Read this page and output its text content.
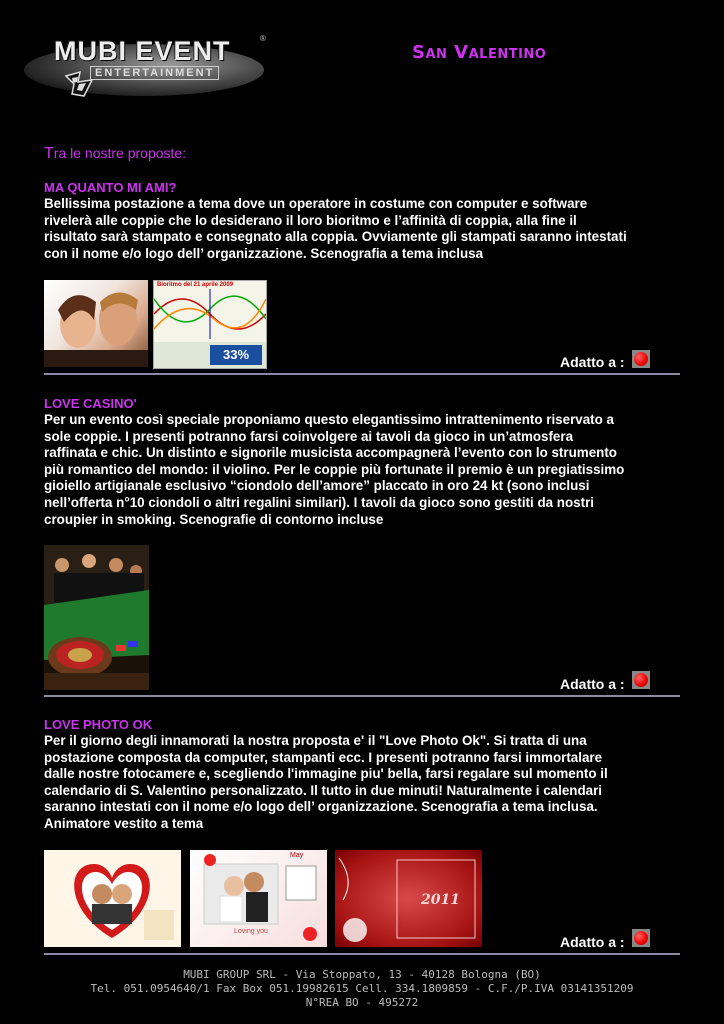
MUBI EVENT	®
ENTERTAINMENT
San Valentino
Tra le nostre proposte:
MA QUANTO MI AMI?
Bellissima postazione a tema dove un operatore in costume con computer e software
rivelerà alle coppie che lo desiderano il loro bioritmo e l’affinità di coppia, alla fine il
risultato sarà stampato e consegnato alla coppia. Ovviamente gli stampati saranno intestati
con il nome e/o logo dell’ organizzazione. Scenografia a tema inclusa
Bioritmo del 21 aprile 2009
33%	Adatto a :
LOVE CASINO'
Per un evento così speciale proponiamo questo elegantissimo intrattenimento riservato a
sole coppie. I presenti potranno farsi coinvolgere ai tavoli da gioco in un’atmosfera
raffinata e chic. Un distinto e signorile musicista accompagnerà l’evento con lo strumento
più romantico del mondo: il violino. Per le coppie più fortunate il premio è un pregiatissimo
gioiello artigianale esclusivo “ciondolo dell’amore” placcato in oro 24 kt (sono inclusi
nell’offerta n°10 ciondoli o altri regalini similari). I tavoli da gioco sono gestiti da nostri
croupier in smoking. Scenografie di contorno incluse
Adatto a :
LOVE PHOTO OK
Per il giorno degli innamorati la nostra proposta e' il "Love Photo Ok". Si tratta di una
postazione composta da computer, stampanti ecc. I presenti potranno farsi immortalare
dalle nostre fotocamere e, scegliendo l'immagine piu' bella, farsi regalare sul momento il
calendario di S. Valentino personalizzato. Il tutto in due minuti! Naturalmente i calendari
saranno intestati con il nome e/o logo dell’ organizzazione. Scenografia a tema inclusa.
Animatore vestito a tema
May
Loving you
2011
Adatto a :
MUBI GROUP SRL - Via Stoppato, 13 - 40128 Bologna (BO)
Tel. 051.0954640/1 Fax Box 051.19982615 Cell. 334.1809859 - C.F./P.IVA 03141351209
N°REA BO - 495272
